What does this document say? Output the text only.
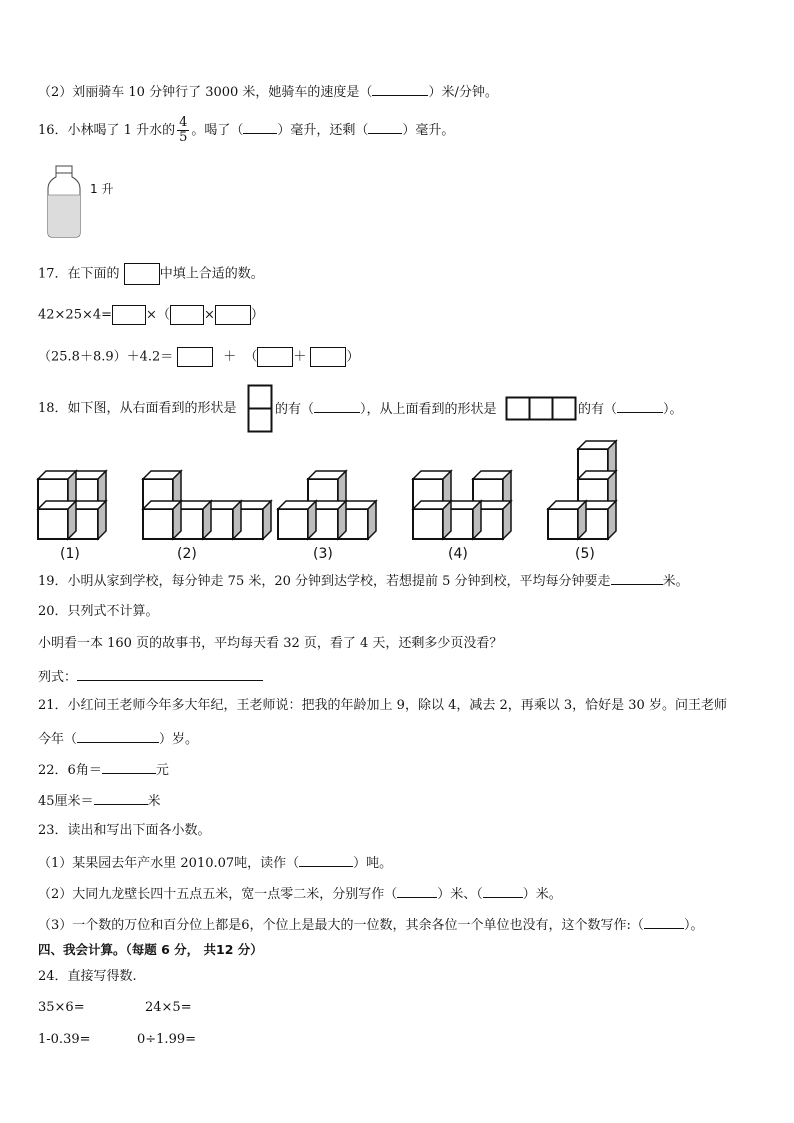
（2）刘丽骑车 10 分钟行了 3000 米，她骑车的速度是（	）米/分钟。
16．小林喝了 1 升水的 $\frac{4}{5}$ 。喝了（	）毫升，还剩（	）毫升。
1 升
17．在下面的	中填上合适的数。
42×25×4=	×（	×	）
（25.8＋8.9）＋4.2＝	＋ （	＋	）
18．如下图，从右面看到的形状是	的有（	），从上面看到的形状是	的有（	）。
(1)	(2)	(3)	(4)	(5)
19．小明从家到学校，每分钟走 75 米，20 分钟到达学校，若想提前 5 分钟到校，平均每分钟要走	米。
20．只列式不计算。
小明看一本 160 页的故事书，平均每天看 32 页，看了 4 天，还剩多少页没看？
列式：
21．小红问王老师今年多大年纪，王老师说：把我的年龄加上 9，除以 4，减去 2，再乘以 3，恰好是 30 岁。问王老师
今年（	）岁。
22．6角＝	元
45厘米＝	米
23．读出和写出下面各小数。
（1）某果园去年产水里 2010.07吨，读作（	）吨。
（2）大同九龙壁长四十五点五米，宽一点零二米，分别写作（	）米、（	）米。
（3）一个数的万位和百分位上都是6，个位上是最大的一位数，其余各位一个单位也没有，这个数写作:（	）。
四、我会计算。（每题 6 分， 共12 分）
24．直接写得数.
35×6=	24×5=
1-0.39=	0÷1.99=
